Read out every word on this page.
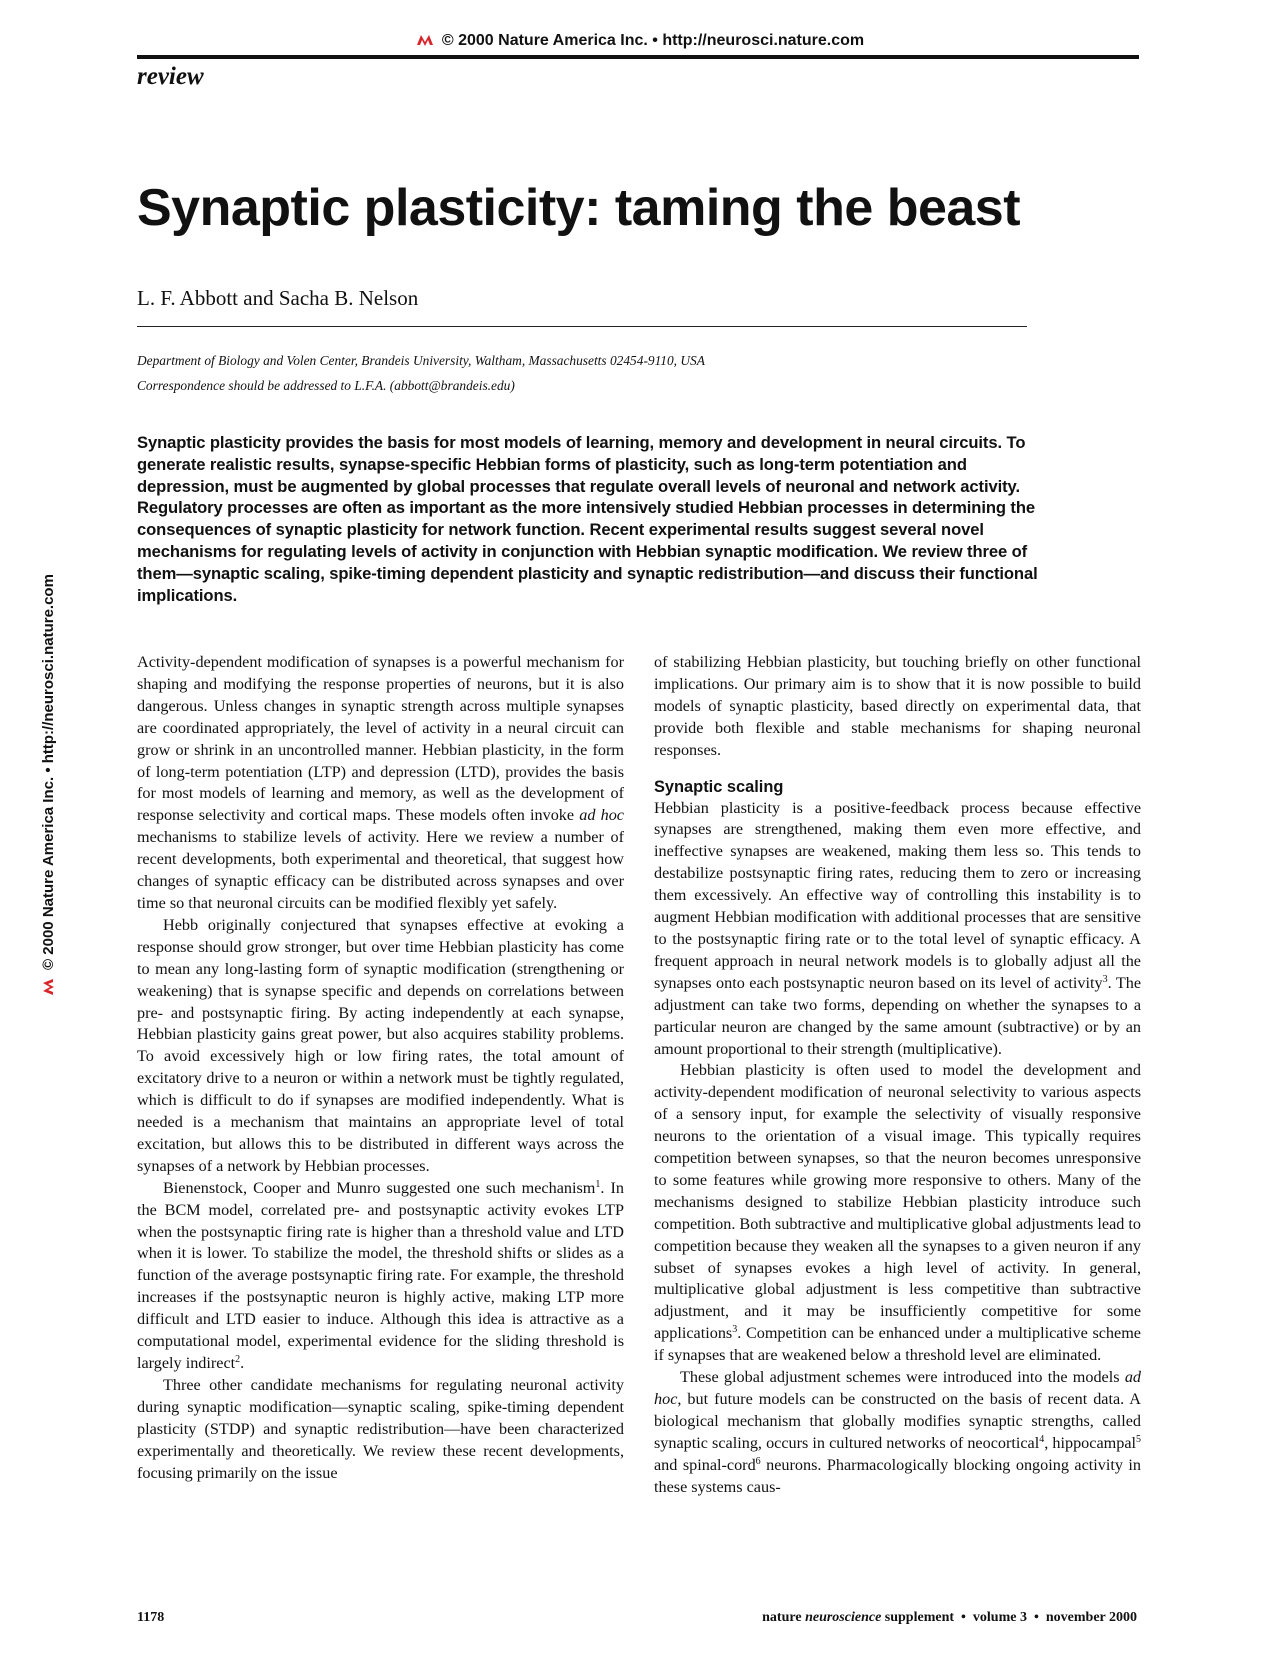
© 2000 Nature America Inc. • http://neurosci.nature.com
review
© 2000 Nature America Inc. • http://neurosci.nature.com
Synaptic plasticity: taming the beast
L. F. Abbott and Sacha B. Nelson
Department of Biology and Volen Center, Brandeis University, Waltham, Massachusetts 02454-9110, USA
Correspondence should be addressed to L.F.A. (abbott@brandeis.edu)

Synaptic plasticity provides the basis for most models of learning, memory and development in neural circuits. To generate realistic results, synapse-specific Hebbian forms of plasticity, such as long-term potentiation and depression, must be augmented by global processes that regulate overall levels of neuronal and network activity. Regulatory processes are often as important as the more intensively studied Hebbian processes in determining the consequences of synaptic plasticity for network function. Recent experimental results suggest several novel mechanisms for regulating levels of activity in conjunction with Hebbian synaptic modification. We review three of them—synaptic scaling, spike-timing dependent plasticity and synaptic redistribution—and discuss their functional implications.

Activity-dependent modification of synapses is a powerful mechanism for shaping and modifying the response properties of neurons, but it is also dangerous. Unless changes in synaptic strength across multiple synapses are coordinated appropriately, the level of activity in a neural circuit can grow or shrink in an uncontrolled manner. Hebbian plasticity, in the form of long-term potentiation (LTP) and depression (LTD), provides the basis for most models of learning and memory, as well as the development of response selectivity and cortical maps. These models often invoke ad hoc mechanisms to stabilize levels of activity. Here we review a number of recent developments, both experimental and theoretical, that suggest how changes of synaptic efficacy can be distributed across synapses and over time so that neuronal circuits can be modified flexibly yet safely.

Hebb originally conjectured that synapses effective at evoking a response should grow stronger, but over time Hebbian plasticity has come to mean any long-lasting form of synaptic modification (strengthening or weakening) that is synapse specific and depends on correlations between pre- and postsynaptic firing. By acting independently at each synapse, Hebbian plasticity gains great power, but also acquires stability problems. To avoid excessively high or low firing rates, the total amount of excitatory drive to a neuron or within a network must be tightly regulated, which is difficult to do if synapses are modified independently. What is needed is a mechanism that maintains an appropriate level of total excitation, but allows this to be distributed in different ways across the synapses of a network by Hebbian processes.

Bienenstock, Cooper and Munro suggested one such mechanism$^1$. In the BCM model, correlated pre- and postsynaptic activity evokes LTP when the postsynaptic firing rate is higher than a threshold value and LTD when it is lower. To stabilize the model, the threshold shifts or slides as a function of the average postsynaptic firing rate. For example, the threshold increases if the postsynaptic neuron is highly active, making LTP more difficult and LTD easier to induce. Although this idea is attractive as a computational model, experimental evidence for the sliding threshold is largely indirect$^2$.

Three other candidate mechanisms for regulating neuronal activity during synaptic modification—synaptic scaling, spike-timing dependent plasticity (STDP) and synaptic redistribution—have been characterized experimentally and theoretically. We review these recent developments, focusing primarily on the issue

of stabilizing Hebbian plasticity, but touching briefly on other functional implications. Our primary aim is to show that it is now possible to build models of synaptic plasticity, based directly on experimental data, that provide both flexible and stable mechanisms for shaping neuronal responses.

Synaptic scaling

Hebbian plasticity is a positive-feedback process because effective synapses are strengthened, making them even more effective, and ineffective synapses are weakened, making them less so. This tends to destabilize postsynaptic firing rates, reducing them to zero or increasing them excessively. An effective way of controlling this instability is to augment Hebbian modification with additional processes that are sensitive to the postsynaptic firing rate or to the total level of synaptic efficacy. A frequent approach in neural network models is to globally adjust all the synapses onto each postsynaptic neuron based on its level of activity$^3$. The adjustment can take two forms, depending on whether the synapses to a particular neuron are changed by the same amount (subtractive) or by an amount proportional to their strength (multiplicative).

Hebbian plasticity is often used to model the development and activity-dependent modification of neuronal selectivity to various aspects of a sensory input, for example the selectivity of visually responsive neurons to the orientation of a visual image. This typically requires competition between synapses, so that the neuron becomes unresponsive to some features while growing more responsive to others. Many of the mechanisms designed to stabilize Hebbian plasticity introduce such competition. Both subtractive and multiplicative global adjustments lead to competition because they weaken all the synapses to a given neuron if any subset of synapses evokes a high level of activity. In general, multiplicative global adjustment is less competitive than subtractive adjustment, and it may be insufficiently competitive for some applications$^3$. Competition can be enhanced under a multiplicative scheme if synapses that are weakened below a threshold level are eliminated.

These global adjustment schemes were introduced into the models ad hoc, but future models can be constructed on the basis of recent data. A biological mechanism that globally modifies synaptic strengths, called synaptic scaling, occurs in cultured networks of neocortical$^4$, hippocampal$^5$ and spinal-cord$^6$ neurons. Pharmacologically blocking ongoing activity in these systems caus-

1178	nature neuroscience supplement  •  volume 3  •  november 2000
